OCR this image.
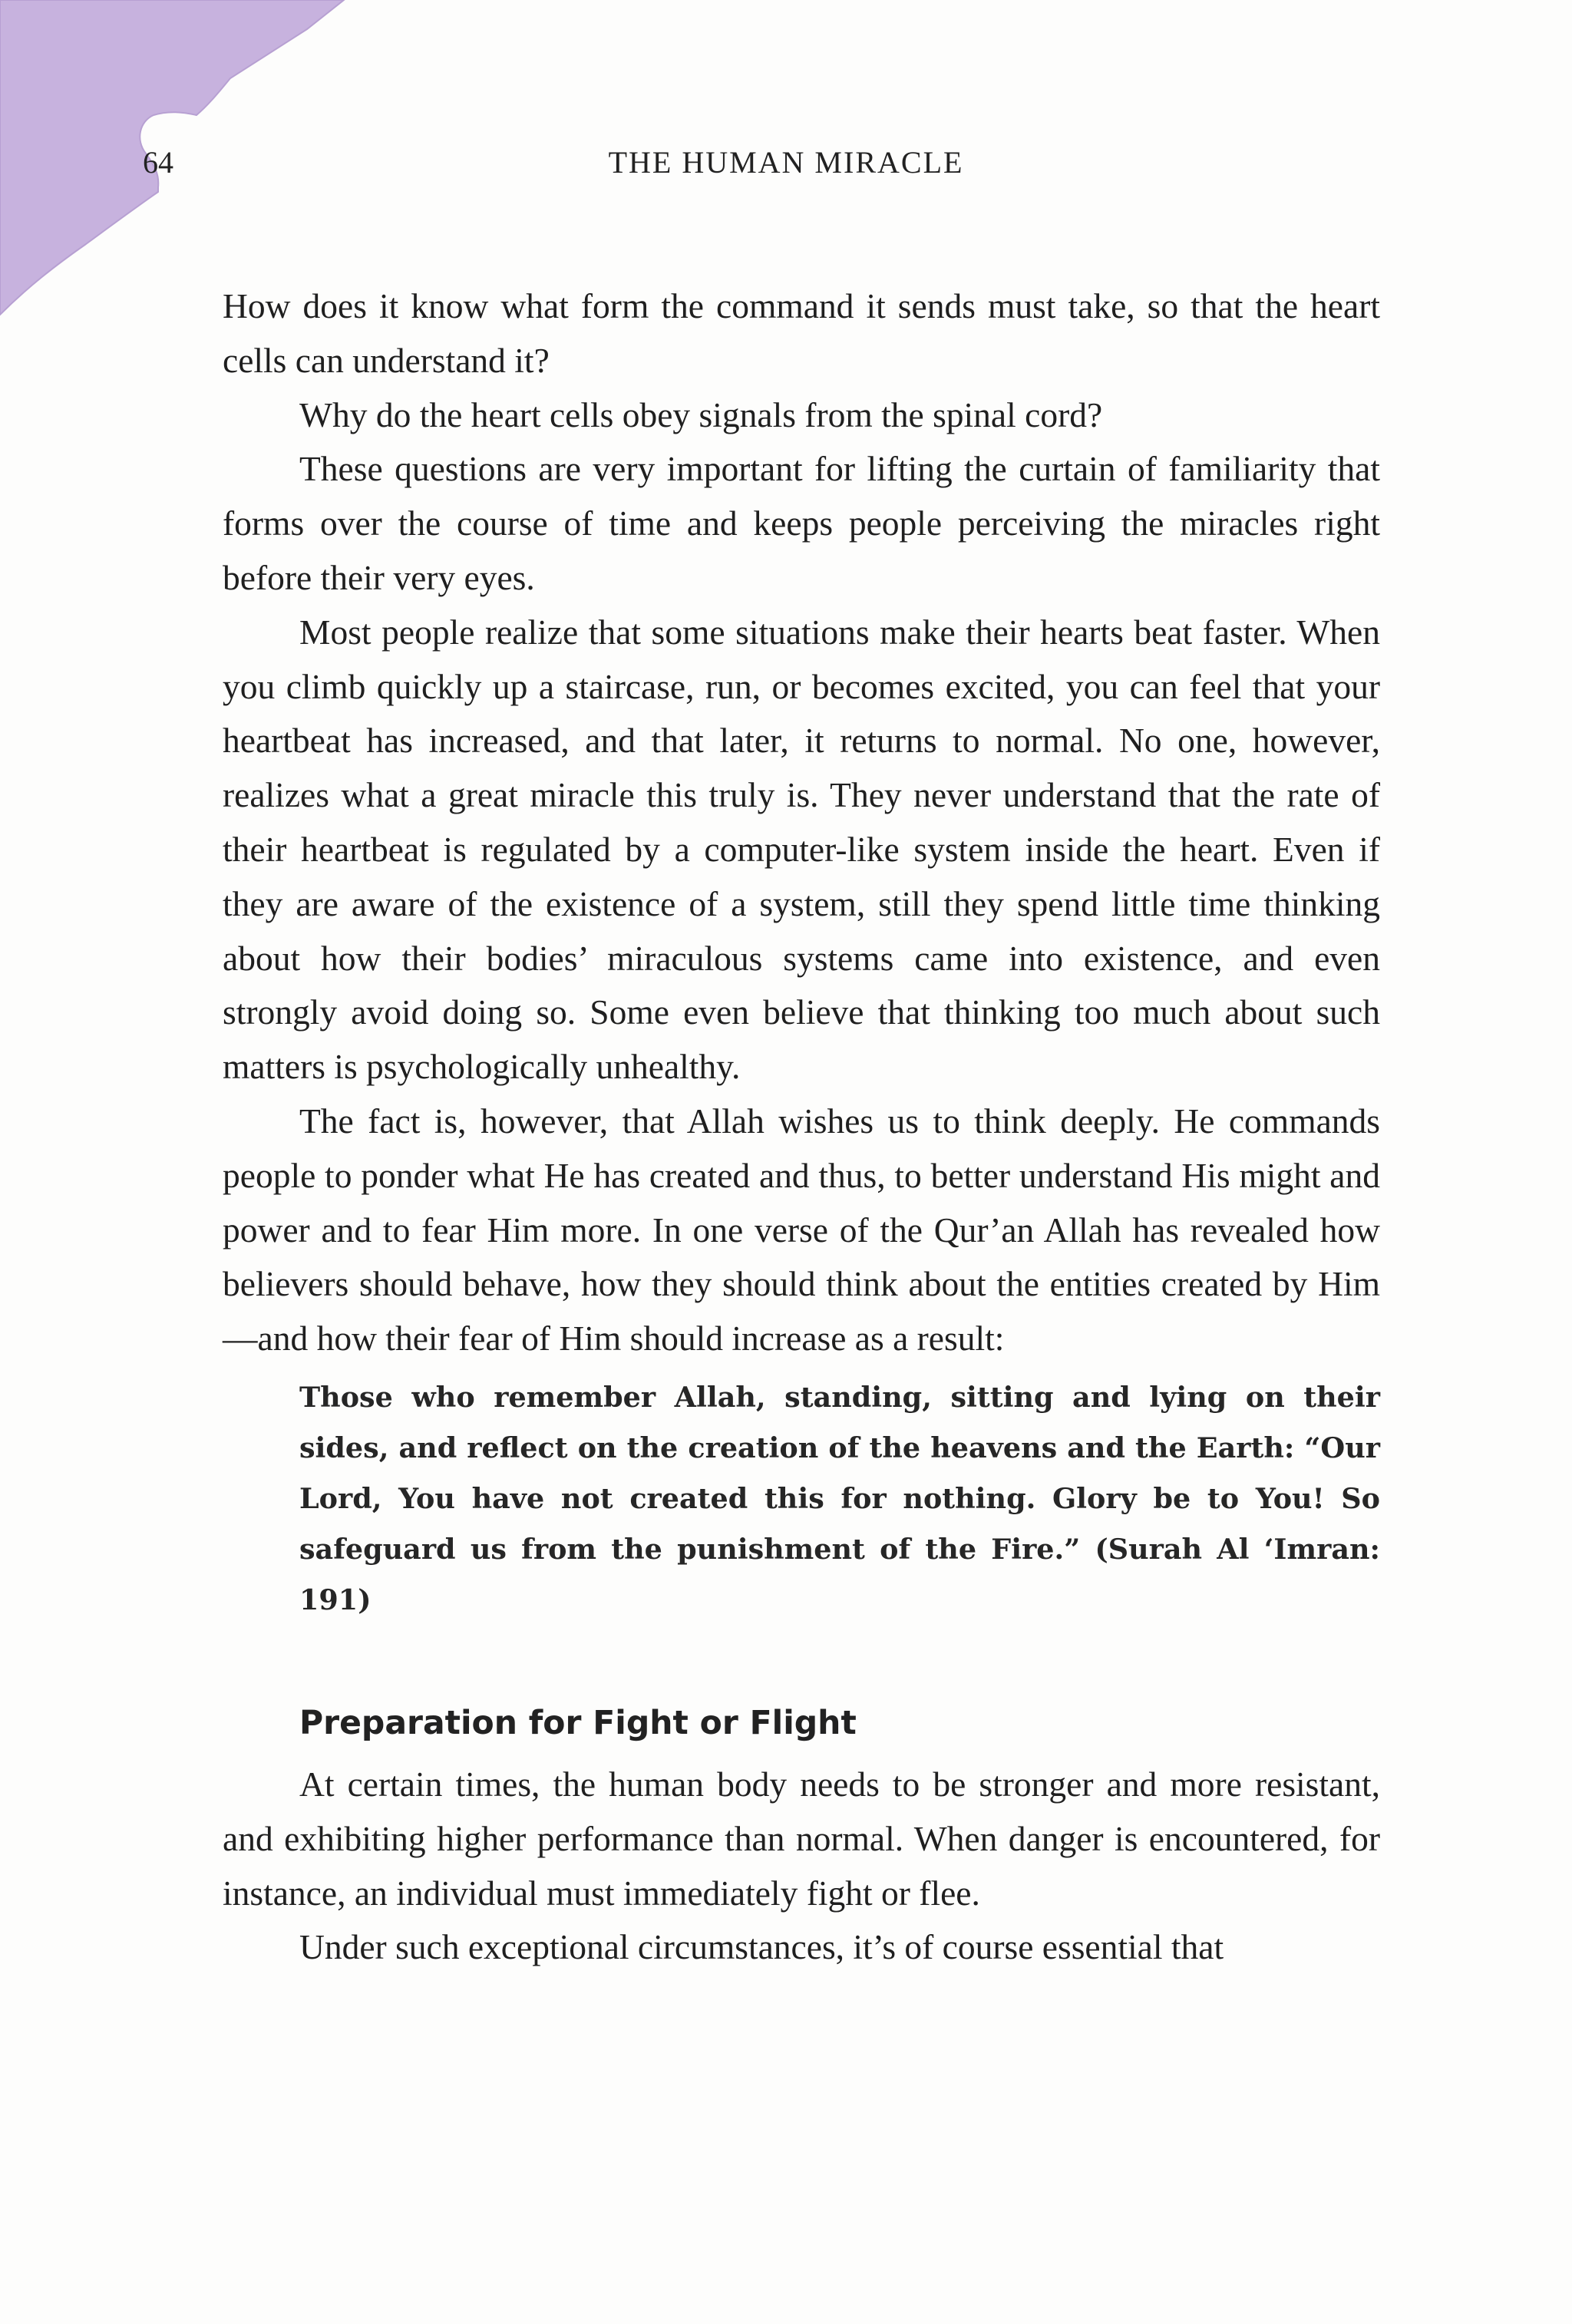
64	THE HUMAN MIRACLE

How does it know what form the command it sends must take, so that the heart cells can understand it?

Why do the heart cells obey signals from the spinal cord?

These questions are very important for lifting the curtain of familiarity that forms over the course of time and keeps people perceiving the miracles right before their very eyes.

Most people realize that some situations make their hearts beat faster. When you climb quickly up a staircase, run, or becomes excited, you can feel that your heartbeat has increased, and that later, it returns to normal. No one, however, realizes what a great miracle this truly is. They never understand that the rate of their heartbeat is regulated by a computer-like system inside the heart. Even if they are aware of the existence of a system, still they spend little time thinking about how their bodies’ miraculous systems came into existence, and even strongly avoid doing so. Some even believe that thinking too much about such matters is psychologically unhealthy.

The fact is, however, that Allah wishes us to think deeply. He commands people to ponder what He has created and thus, to better understand His might and power and to fear Him more. In one verse of the Qur’an Allah has revealed how believers should behave, how they should think about the entities created by Him—and how their fear of Him should increase as a result:

Those who remember Allah, standing, sitting and lying on their sides, and reflect on the creation of the heavens and the Earth: “Our Lord, You have not created this for nothing. Glory be to You! So safeguard us from the punishment of the Fire.” (Surah Al ‘Imran: 191)

Preparation for Fight or Flight

At certain times, the human body needs to be stronger and more resistant, and exhibiting higher performance than normal. When danger is encountered, for instance, an individual must immediately fight or flee.

Under such exceptional circumstances, it’s of course essential that
